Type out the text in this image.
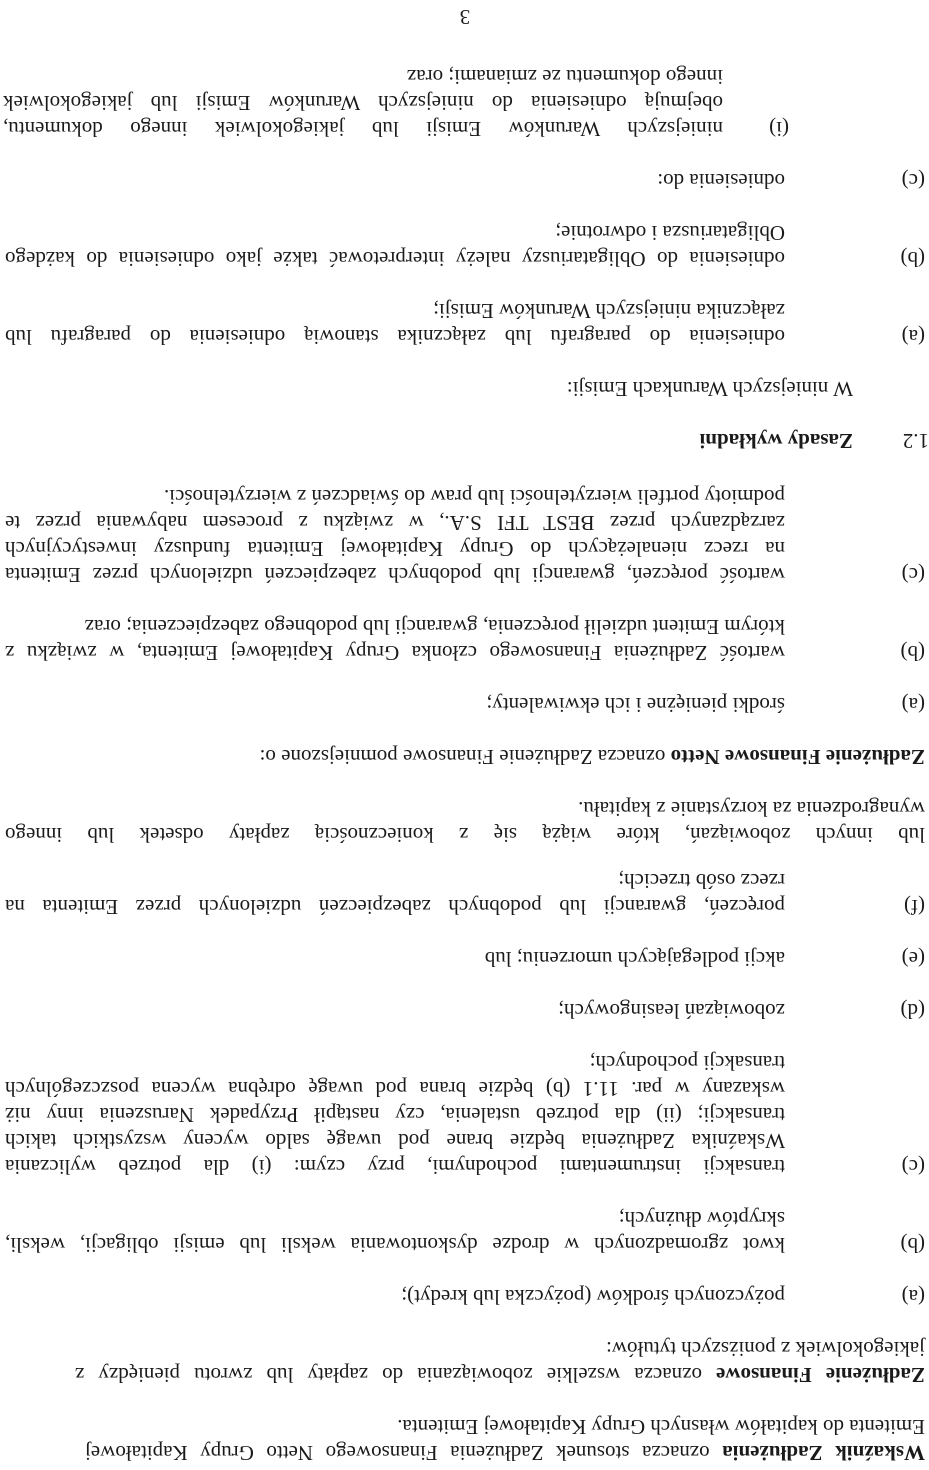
Wskaźnik Zadłużenia oznacza stosunek Zadłużenia Finansowego Netto Grupy Kapitałowej
Emitenta do kapitałów własnych Grupy Kapitałowej Emitenta.
Zadłużenie Finansowe oznacza wszelkie zobowiązania do zapłaty lub zwrotu pieniędzy z
jakiegokolwiek z poniższych tytułów:
(a)
pożyczonych środków (pożyczka lub kredyt);
(b)
kwot zgromadzonych w drodze dyskontowania weksli lub emisji obligacji, weksli,
skryptów dłużnych;
(c)
transakcji instrumentami pochodnymi, przy czym: (i) dla potrzeb wyliczania
Wskaźnika Zadłużenia będzie brane pod uwagę saldo wyceny wszystkich takich
transakcji; (ii) dla potrzeb ustalenia, czy nastąpił Przypadek Naruszenia inny niż
wskazany w par. 11.1 (b) będzie brana pod uwagę odrębna wycena poszczególnych
transakcji pochodnych;
(d)
zobowiązań leasingowych;
(e)
akcji podlegających umorzeniu; lub
(f)
poręczeń, gwarancji lub podobnych zabezpieczeń udzielonych przez Emitenta na
rzecz osób trzecich;
lub innych zobowiązań, które wiążą się z koniecznością zapłaty odsetek lub innego
wynagrodzenia za korzystanie z kapitału.
Zadłużenie Finansowe Netto oznacza Zadłużenie Finansowe pomniejszone o:
(a)
środki pieniężne i ich ekwiwalenty;
(b)
wartość Zadłużenia Finansowego członka Grupy Kapitałowej Emitenta, w związku z
którym Emitent udzielił poręczenia, gwarancji lub podobnego zabezpieczenia; oraz
(c)
wartość poręczeń, gwarancji lub podobnych zabezpieczeń udzielonych przez Emitenta
na rzecz nienależących do Grupy Kapitałowej Emitenta funduszy inwestycyjnych
zarządzanych przez BEST TFI S.A., w związku z procesem nabywania przez te
podmioty portfeli wierzytelności lub praw do świadczeń z wierzytelności.
1.2
Zasady wykładni
W niniejszych Warunkach Emisji:
(a)
odniesienia do paragrafu lub załącznika stanowią odniesienia do paragrafu lub
załącznika niniejszych Warunków Emisji;
(b)
odniesienia do Obligatariuszy należy interpretować także jako odniesienia do każdego
Obligatariusza i odwrotnie;
(c)
odniesienia do:
(i)
niniejszych Warunków Emisji lub jakiegokolwiek innego dokumentu,
obejmują odniesienia do niniejszych Warunków Emisji lub jakiegokolwiek
innego dokumentu ze zmianami; oraz
3
